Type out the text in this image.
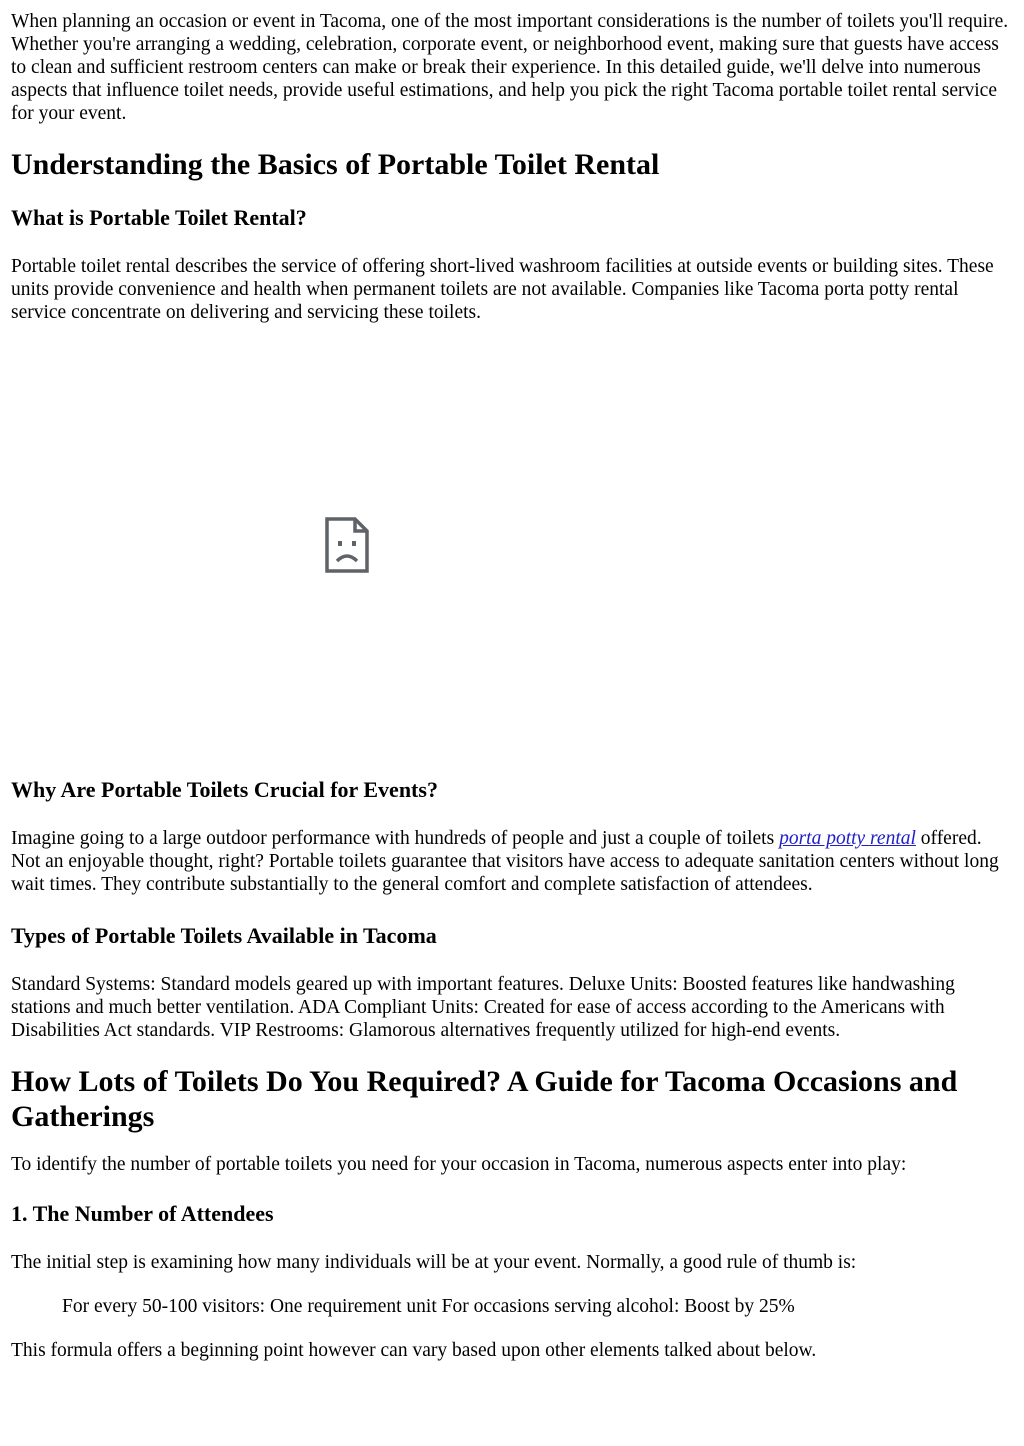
When planning an occasion or event in Tacoma, one of the most important considerations is the number of toilets you'll require. Whether you're arranging a wedding, celebration, corporate event, or neighborhood event, making sure that guests have access to clean and sufficient restroom centers can make or break their experience. In this detailed guide, we'll delve into numerous aspects that influence toilet needs, provide useful estimations, and help you pick the right Tacoma portable toilet rental service for your event.

Understanding the Basics of Portable Toilet Rental
What is Portable Toilet Rental?

Portable toilet rental describes the service of offering short-lived washroom facilities at outside events or building sites. These units provide convenience and health when permanent toilets are not available. Companies like Tacoma porta potty rental service concentrate on delivering and servicing these toilets.

Why Are Portable Toilets Crucial for Events?

Imagine going to a large outdoor performance with hundreds of people and just a couple of toilets porta potty rental offered. Not an enjoyable thought, right? Portable toilets guarantee that visitors have access to adequate sanitation centers without long wait times. They contribute substantially to the general comfort and complete satisfaction of attendees.

Types of Portable Toilets Available in Tacoma

Standard Systems: Standard models geared up with important features. Deluxe Units: Boosted features like handwashing stations and much better ventilation. ADA Compliant Units: Created for ease of access according to the Americans with Disabilities Act standards. VIP Restrooms: Glamorous alternatives frequently utilized for high-end events.

How Lots of Toilets Do You Required? A Guide for Tacoma Occasions and Gatherings

To identify the number of portable toilets you need for your occasion in Tacoma, numerous aspects enter into play:

1. The Number of Attendees

The initial step is examining how many individuals will be at your event. Normally, a good rule of thumb is:

For every 50-100 visitors: One requirement unit For occasions serving alcohol: Boost by 25%

This formula offers a beginning point however can vary based upon other elements talked about below.
